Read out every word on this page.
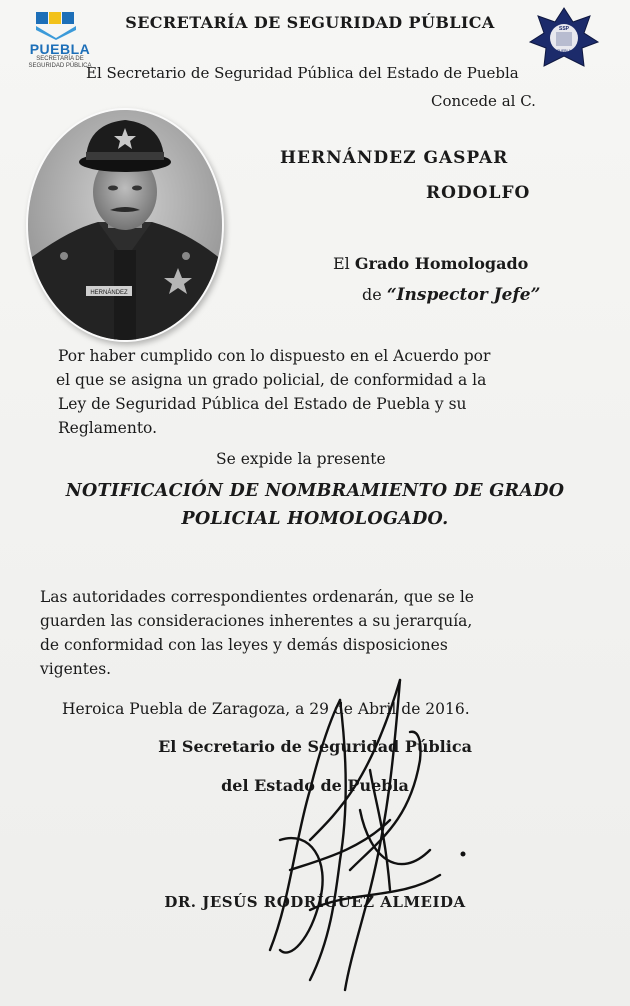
PUEBLA
SECRETARÍA DE
SEGURIDAD PÚBLICA
SECRETARÍA DE SEGURIDAD PÚBLICA	SSP
PUEBLA
El Secretario de Seguridad Pública del Estado de Puebla
Concede al C.
HERNÁNDEZ
HERNÁNDEZ GASPAR
RODOLFO
El Grado Homologado
de “Inspector Jefe”
Por haber cumplido con lo dispuesto en el Acuerdo por
el que se asigna un grado policial, de conformidad a la
Ley de Seguridad Pública del Estado de Puebla y su
Reglamento.
Se expide la presente
NOTIFICACIÓN DE NOMBRAMIENTO DE GRADO
POLICIAL HOMOLOGADO.
Las autoridades correspondientes ordenarán, que se le
guarden las consideraciones inherentes a su jerarquía,
de conformidad con las leyes y demás disposiciones
vigentes.
Heroica Puebla de Zaragoza, a 29 de Abril de 2016.
El Secretario de Seguridad Pública
del Estado de Puebla
DR. JESÚS RODRÍGUEZ ALMEIDA
